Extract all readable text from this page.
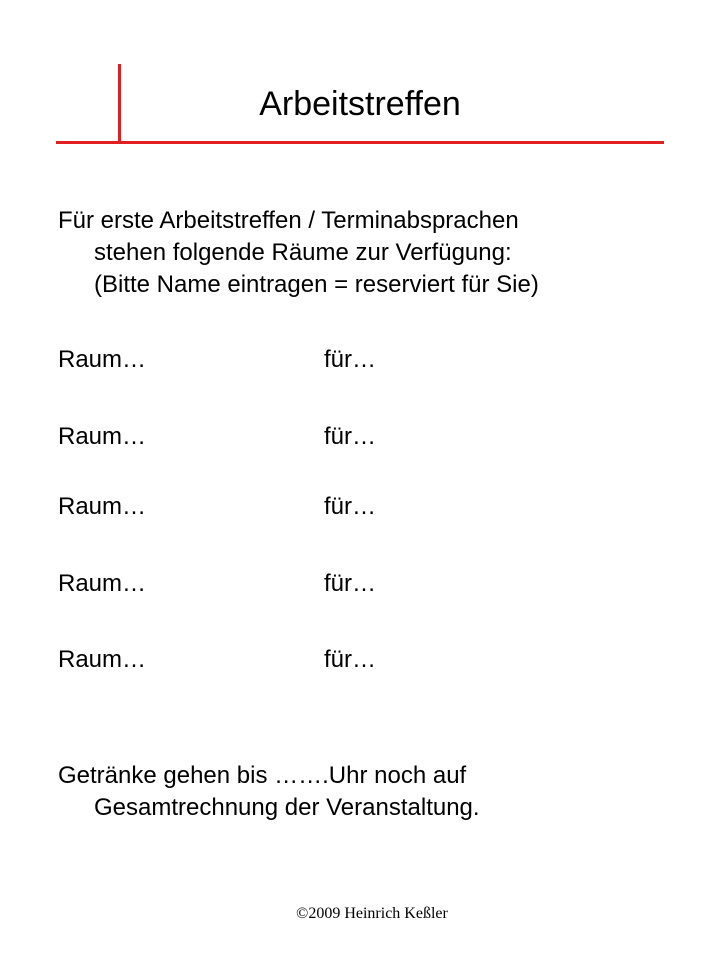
Arbeitstreffen
Für erste Arbeitstreffen / Terminabsprachen
stehen folgende Räume zur Verfügung:
(Bitte Name eintragen = reserviert für Sie)
Raum…	für…
Raum…	für…
Raum…	für…
Raum…	für…
Raum…	für…
Getränke gehen bis …….Uhr noch auf
Gesamtrechnung der Veranstaltung.
©2009 Heinrich Keßler
